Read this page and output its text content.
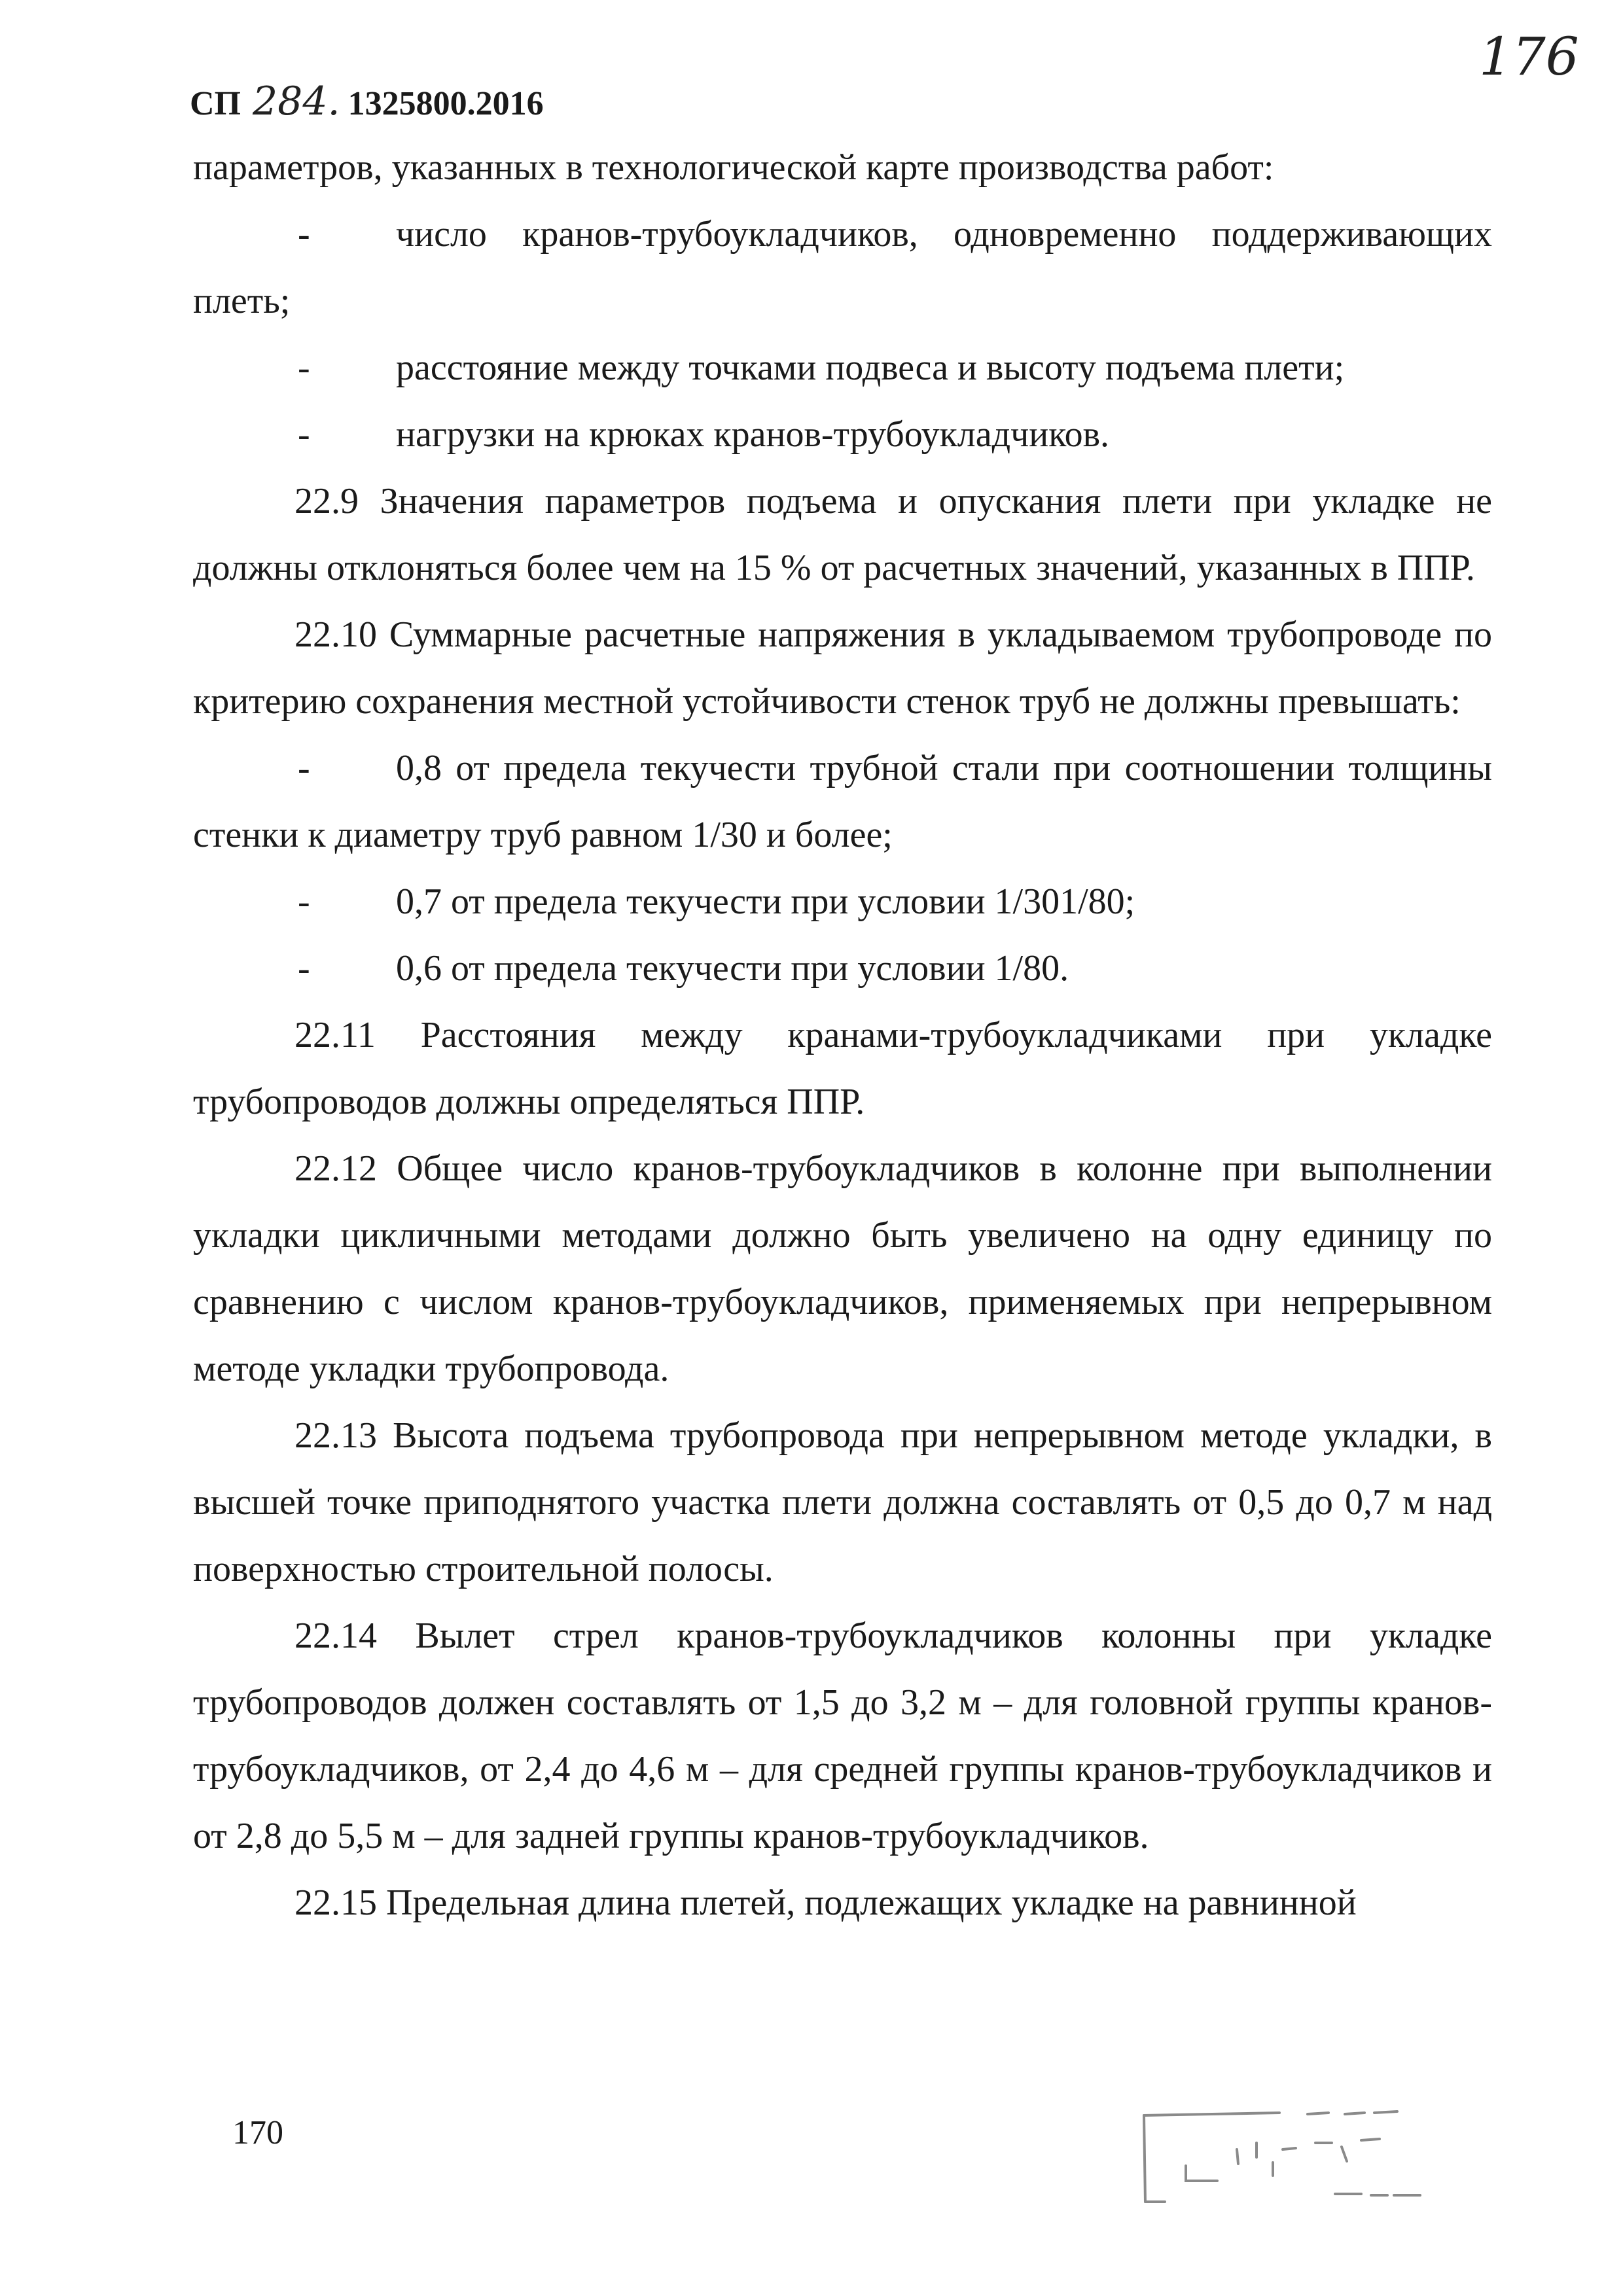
СП 284. 1325800.2016
176

параметров, указанных в технологической карте производства работ:

- число кранов-трубоукладчиков, одновременно поддерживающих плеть;
- расстояние между точками подвеса и высоту подъема плети;
- нагрузки на крюках кранов-трубоукладчиков.

22.9 Значения параметров подъема и опускания плети при укладке не должны отклоняться более чем на 15 % от расчетных значений, указанных в ППР.

22.10 Суммарные расчетные напряжения в укладываемом трубопроводе по критерию сохранения местной устойчивости стенок труб не должны превышать:

- 0,8 от предела текучести трубной стали при соотношении толщины стенки к диаметру труб равном 1/30 и более;
- 0,7 от предела текучести при условии 1/301/80;
- 0,6 от предела текучести при условии 1/80.

22.11 Расстояния между кранами-трубоукладчиками при укладке трубопроводов должны определяться ППР.

22.12 Общее число кранов-трубоукладчиков в колонне при выполнении укладки цикличными методами должно быть увеличено на одну единицу по сравнению с числом кранов-трубоукладчиков, применяемых при непрерывном методе укладки трубопровода.

22.13 Высота подъема трубопровода при непрерывном методе укладки, в высшей точке приподнятого участка плети должна составлять от 0,5 до 0,7 м над поверхностью строительной полосы.

22.14 Вылет стрел кранов-трубоукладчиков колонны при укладке трубопроводов должен составлять от 1,5 до 3,2 м – для головной группы кранов-трубоукладчиков, от 2,4 до 4,6 м – для средней группы кранов-трубоукладчиков и от 2,8 до 5,5 м – для задней группы кранов-трубоукладчиков.

22.15 Предельная длина плетей, подлежащих укладке на равнинной

170
